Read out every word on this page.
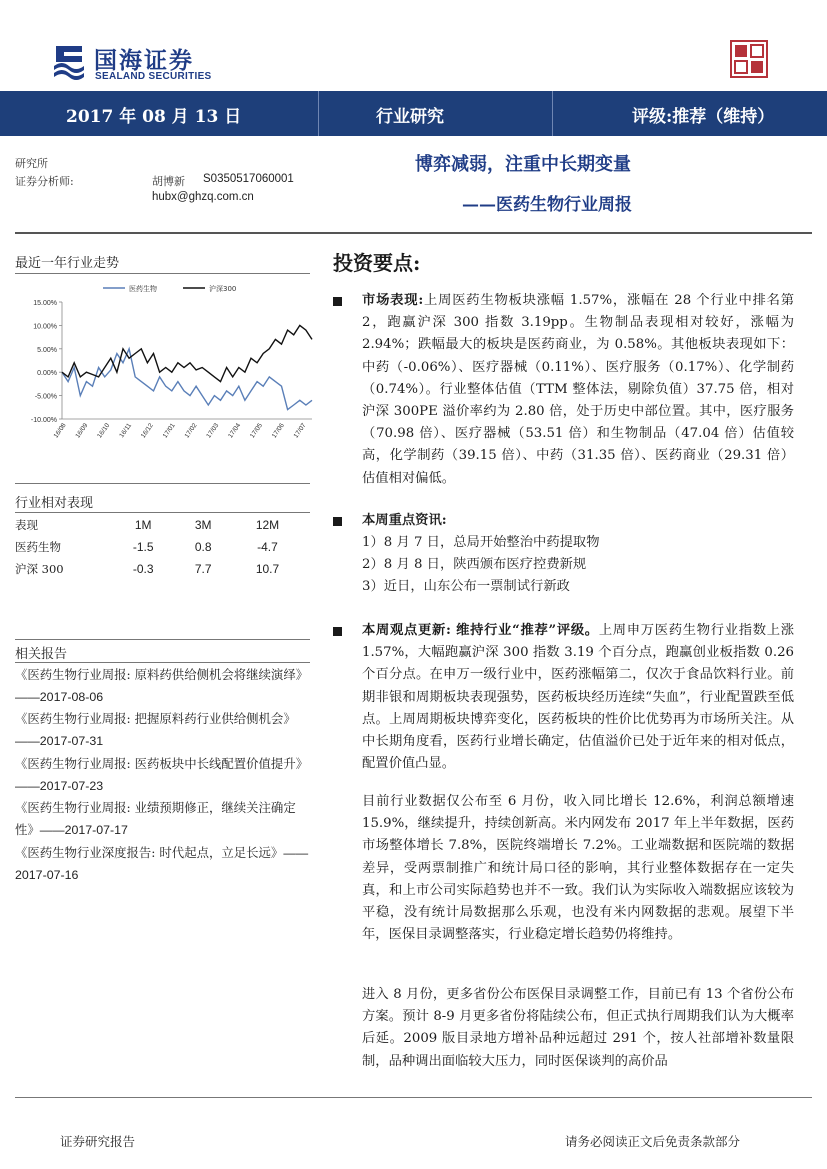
国海证券
SEALAND SECURITIES
2017 年 08 月 13 日	行业研究	评级:推荐（维持）
研究所
证券分析师:	胡博新 S0350517060001
hubx@ghzq.com.cn
博弈减弱，注重中长期变量
——医药生物行业周报
最近一年行业走势
15.00%
10.00%
5.00%
0.00%
-5.00%
-10.00%
16/08 16/09 16/10 16/11 16/12 17/01 17/02 17/03 17/04 17/05 17/06 17/07
医药生物	沪深300
行业相对表现
表现	1M	3M	12M
医药生物	-1.5	0.8	-4.7
沪深 300	-0.3	7.7	10.7
相关报告
《医药生物行业周报: 原料药供给侧机会将继续演绎》——2017-08-06
《医药生物行业周报: 把握原料药行业供给侧机会》——2017-07-31
《医药生物行业周报: 医药板块中长线配置价值提升》——2017-07-23
《医药生物行业周报: 业绩预期修正，继续关注确定性》——2017-07-17
《医药生物行业深度报告: 时代起点，立足长远》——2017-07-16
投资要点:
市场表现:上周医药生物板块涨幅 1.57%，涨幅在 28 个行业中排名第 2，跑赢沪深 300 指数 3.19pp。生物制品表现相对较好，涨幅为 2.94%；跌幅最大的板块是医药商业，为 0.58%。其他板块表现如下：中药（-0.06%）、医疗器械（0.11%）、医疗服务（0.17%）、化学制药（0.74%）。行业整体估值（TTM 整体法，剔除负值）37.75 倍，相对沪深 300PE 溢价率约为 2.80 倍，处于历史中部位置。其中，医疗服务（70.98 倍）、医疗器械（53.51 倍）和生物制品（47.04 倍）估值较高，化学制药（39.15 倍）、中药（31.35 倍）、医药商业（29.31 倍）估值相对偏低。
本周重点资讯:
1）8 月 7 日，总局开始整治中药提取物
2）8 月 8 日，陕西颁布医疗控费新规
3）近日，山东公布一票制试行新政
本周观点更新: 维持行业“推荐”评级。上周申万医药生物行业指数上涨 1.57%，大幅跑赢沪深 300 指数 3.19 个百分点，跑赢创业板指数 0.26 个百分点。在申万一级行业中，医药涨幅第二，仅次于食品饮料行业。前期非银和周期板块表现强势，医药板块经历连续“失血”，行业配置跌至低点。上周周期板块博弈变化，医药板块的性价比优势再为市场所关注。从中长期角度看，医药行业增长确定，估值溢价已处于近年来的相对低点，配置价值凸显。
目前行业数据仅公布至 6 月份，收入同比增长 12.6%，利润总额增速 15.9%，继续提升，持续创新高。米内网发布 2017 年上半年数据，医药市场整体增长 7.8%，医院终端增长 7.2%。工业端数据和医院端的数据差异，受两票制推广和统计局口径的影响，其行业整体数据存在一定失真，和上市公司实际趋势也并不一致。我们认为实际收入端数据应该较为平稳，没有统计局数据那么乐观，也没有米内网数据的悲观。展望下半年，医保目录调整落实，行业稳定增长趋势仍将维持。
进入 8 月份，更多省份公布医保目录调整工作，目前已有 13 个省份公布方案。预计 8-9 月更多省份将陆续公布，但正式执行周期我们认为大概率后延。2009 版目录地方增补品种远超过 291 个，按人社部增补数量限制，品种调出面临较大压力，同时医保谈判的高价品
证券研究报告	请务必阅读正文后免责条款部分
